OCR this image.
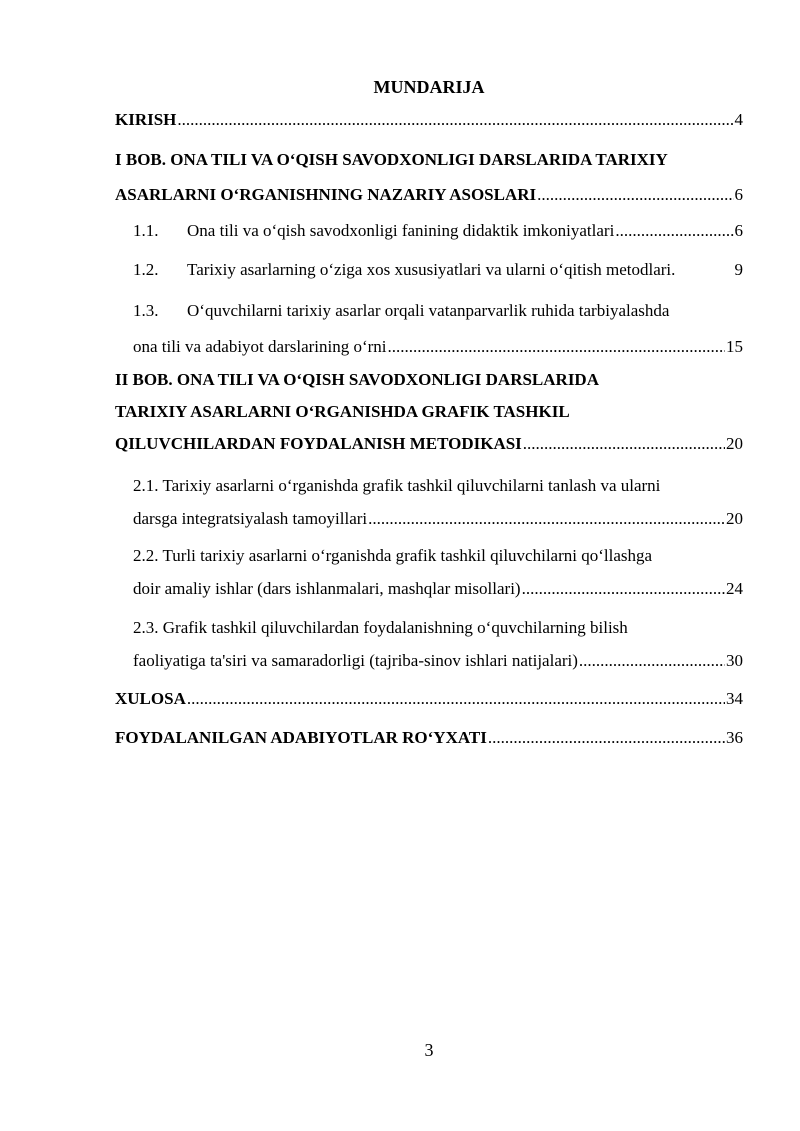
MUNDARIJA
KIRISH .....	4
I BOB. ONA TILI VA O‘QISH SAVODXONLIGI DARSLARIDA TARIXIY
ASARLARNI O‘RGANISHNING NAZARIY ASOSLARI .....	6
1.1.	Ona tili va o‘qish savodxonligi fanining didaktik imkoniyatlari .....	6
1.2.	Tarixiy asarlarning o‘ziga xos xususiyatlari va ularni o‘qitish metodlari.	9
1.3. O‘quvchilarni tarixiy asarlar orqali vatanparvarlik ruhida tarbiyalashda
ona tili va adabiyot darslarining o‘rni .....	15
II BOB. ONA TILI VA O‘QISH SAVODXONLIGI DARSLARIDA
TARIXIY ASARLARNI O‘RGANISHDA GRAFIK TASHKIL
QILUVCHILARDAN FOYDALANISH METODIKASI .....	20
2.1. Tarixiy asarlarni o‘rganishda grafik tashkil qiluvchilarni tanlash va ularni
darsga integratsiyalash tamoyillari .....	20
2.2. Turli tarixiy asarlarni o‘rganishda grafik tashkil qiluvchilarni qo‘llashga
doir amaliy ishlar (dars ishlanmalari, mashqlar misollari) .....	24
2.3. Grafik tashkil qiluvchilardan foydalanishning o‘quvchilarning bilish
faoliyatiga ta'siri va samaradorligi (tajriba-sinov ishlari natijalari) .....	30
XULOSA .....	34
FOYDALANILGAN ADABIYOTLAR RO‘YXATI .....	36
3
